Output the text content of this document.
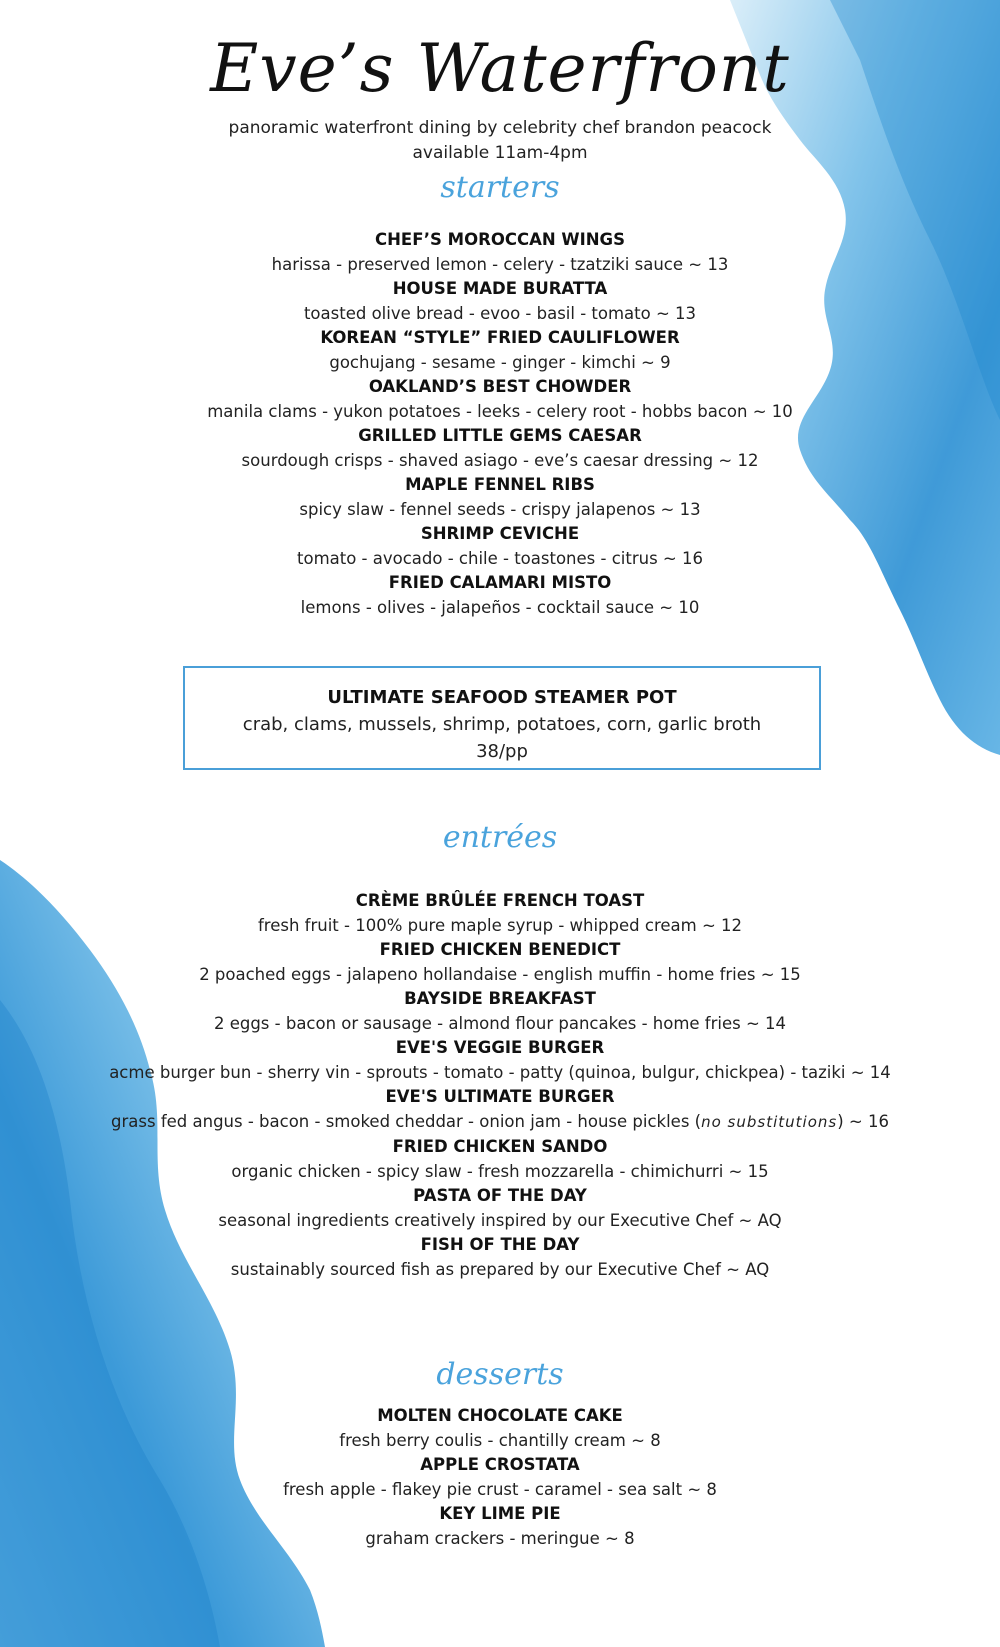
Eve’s Waterfront
panoramic waterfront dining by celebrity chef brandon peacock
available 11am-4pm
starters
CHEF’S MOROCCAN WINGS
harissa - preserved lemon - celery - tzatziki sauce ~ 13
HOUSE MADE BURATTA
toasted olive bread - evoo - basil - tomato ~ 13
KOREAN “STYLE” FRIED CAULIFLOWER
gochujang - sesame - ginger - kimchi ~ 9
OAKLAND’S BEST CHOWDER
manila clams - yukon potatoes - leeks - celery root - hobbs bacon ~ 10
GRILLED LITTLE GEMS CAESAR
sourdough crisps - shaved asiago - eve’s caesar dressing ~ 12
MAPLE FENNEL RIBS
spicy slaw - fennel seeds - crispy jalapenos ~ 13
SHRIMP CEVICHE
tomato - avocado - chile - toastones - citrus ~ 16
FRIED CALAMARI MISTO
lemons - olives - jalapeños - cocktail sauce ~ 10
ULTIMATE SEAFOOD STEAMER POT
crab, clams, mussels, shrimp, potatoes, corn, garlic broth
38/pp
entrées
CRÈME BRÛLÉE FRENCH TOAST
fresh fruit - 100% pure maple syrup - whipped cream ~ 12
FRIED CHICKEN BENEDICT
2 poached eggs - jalapeno hollandaise - english muffin - home fries ~ 15
BAYSIDE BREAKFAST
2 eggs - bacon or sausage - almond flour pancakes - home fries ~ 14
EVE'S VEGGIE BURGER
acme burger bun - sherry vin - sprouts - tomato - patty (quinoa, bulgur, chickpea) - taziki ~ 14
EVE'S ULTIMATE BURGER
grass fed angus - bacon - smoked cheddar - onion jam - house pickles (no substitutions) ~ 16
FRIED CHICKEN SANDO
organic chicken - spicy slaw - fresh mozzarella - chimichurri ~ 15
PASTA OF THE DAY
seasonal ingredients creatively inspired by our Executive Chef ~ AQ
FISH OF THE DAY
sustainably sourced fish as prepared by our Executive Chef ~ AQ
desserts
MOLTEN CHOCOLATE CAKE
fresh berry coulis - chantilly cream ~ 8
APPLE CROSTATA
fresh apple - flakey pie crust - caramel - sea salt ~ 8
KEY LIME PIE
graham crackers - meringue ~ 8
